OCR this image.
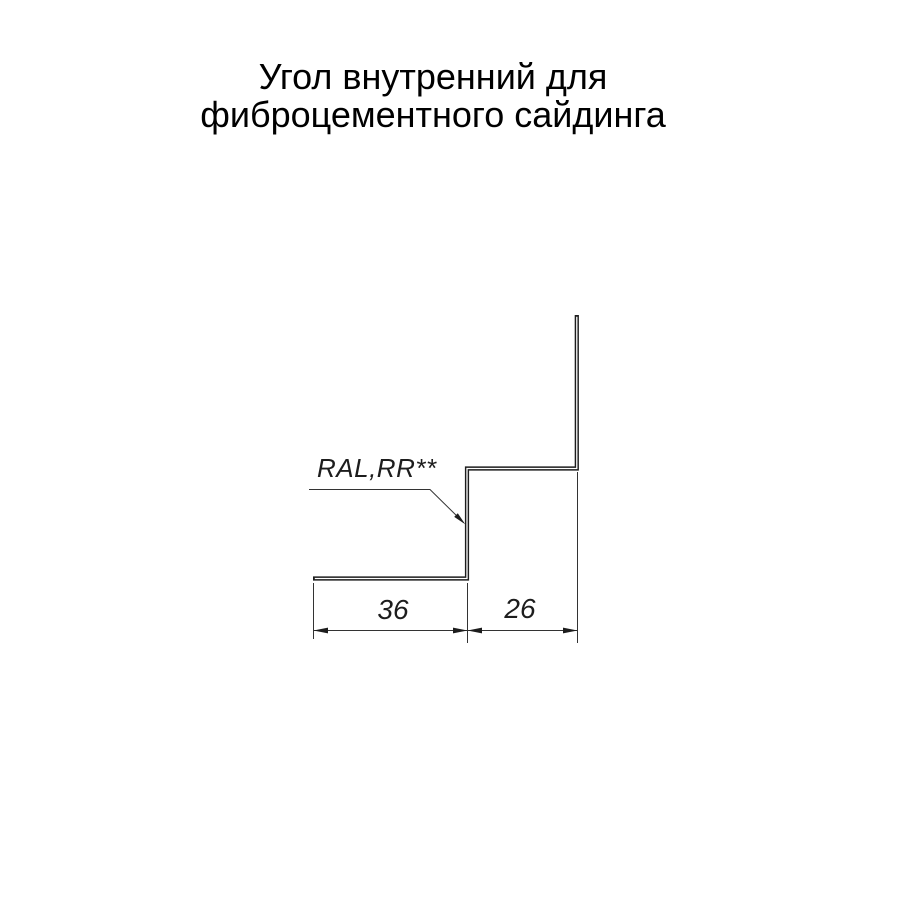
Угол внутренний для
фиброцементного сайдинга
36	26
RAL,RR**
